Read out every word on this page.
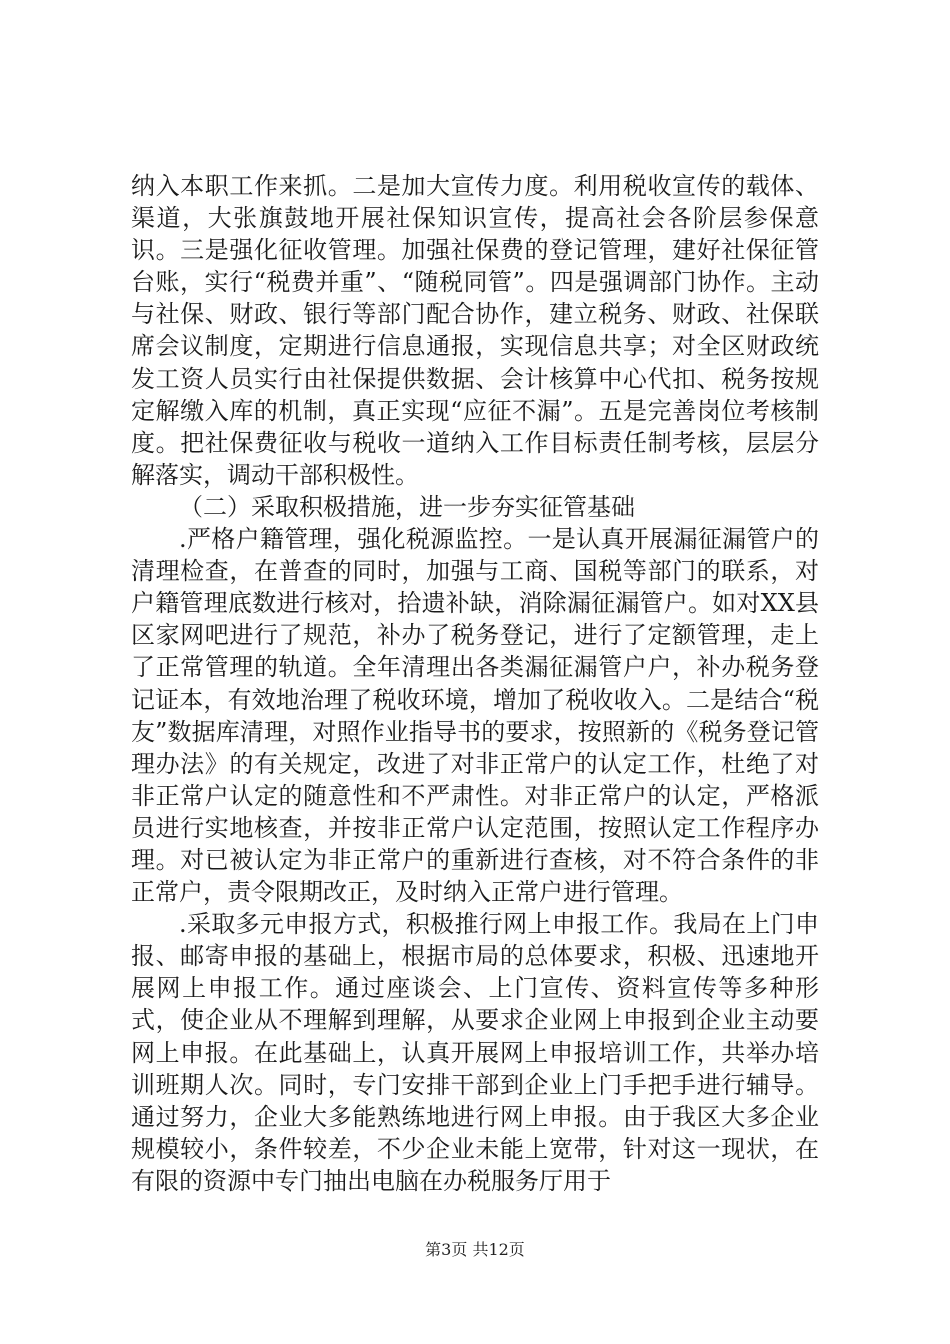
纳入本职工作来抓。二是加大宣传力度。利用税收宣传的载体、渠道，大张旗鼓地开展社保知识宣传，提高社会各阶层参保意识。三是强化征收管理。加强社保费的登记管理，建好社保征管台账，实行“税费并重”、“随税同管”。四是强调部门协作。主动与社保、财政、银行等部门配合协作，建立税务、财政、社保联席会议制度，定期进行信息通报，实现信息共享；对全区财政统发工资人员实行由社保提供数据、会计核算中心代扣、税务按规定解缴入库的机制，真正实现“应征不漏”。五是完善岗位考核制度。把社保费征收与税收一道纳入工作目标责任制考核，层层分解落实，调动干部积极性。

（二）采取积极措施，进一步夯实征管基础

.严格户籍管理，强化税源监控。一是认真开展漏征漏管户的清理检查，在普查的同时，加强与工商、国税等部门的联系，对户籍管理底数进行核对，拾遗补缺，消除漏征漏管户。如对XX县区家网吧进行了规范，补办了税务登记，进行了定额管理，走上了正常管理的轨道。全年清理出各类漏征漏管户户，补办税务登记证本，有效地治理了税收环境，增加了税收收入。二是结合“税友”数据库清理，对照作业指导书的要求，按照新的《税务登记管理办法》的有关规定，改进了对非正常户的认定工作，杜绝了对非正常户认定的随意性和不严肃性。对非正常户的认定，严格派员进行实地核查，并按非正常户认定范围，按照认定工作程序办理。对已被认定为非正常户的重新进行查核，对不符合条件的非正常户，责令限期改正，及时纳入正常户进行管理。

.采取多元申报方式，积极推行网上申报工作。我局在上门申报、邮寄申报的基础上，根据市局的总体要求，积极、迅速地开展网上申报工作。通过座谈会、上门宣传、资料宣传等多种形式，使企业从不理解到理解，从要求企业网上申报到企业主动要网上申报。在此基础上，认真开展网上申报培训工作，共举办培训班期人次。同时，专门安排干部到企业上门手把手进行辅导。通过努力，企业大多能熟练地进行网上申报。由于我区大多企业规模较小，条件较差，不少企业未能上宽带，针对这一现状，在有限的资源中专门抽出电脑在办税服务厅用于

第3页 共12页
